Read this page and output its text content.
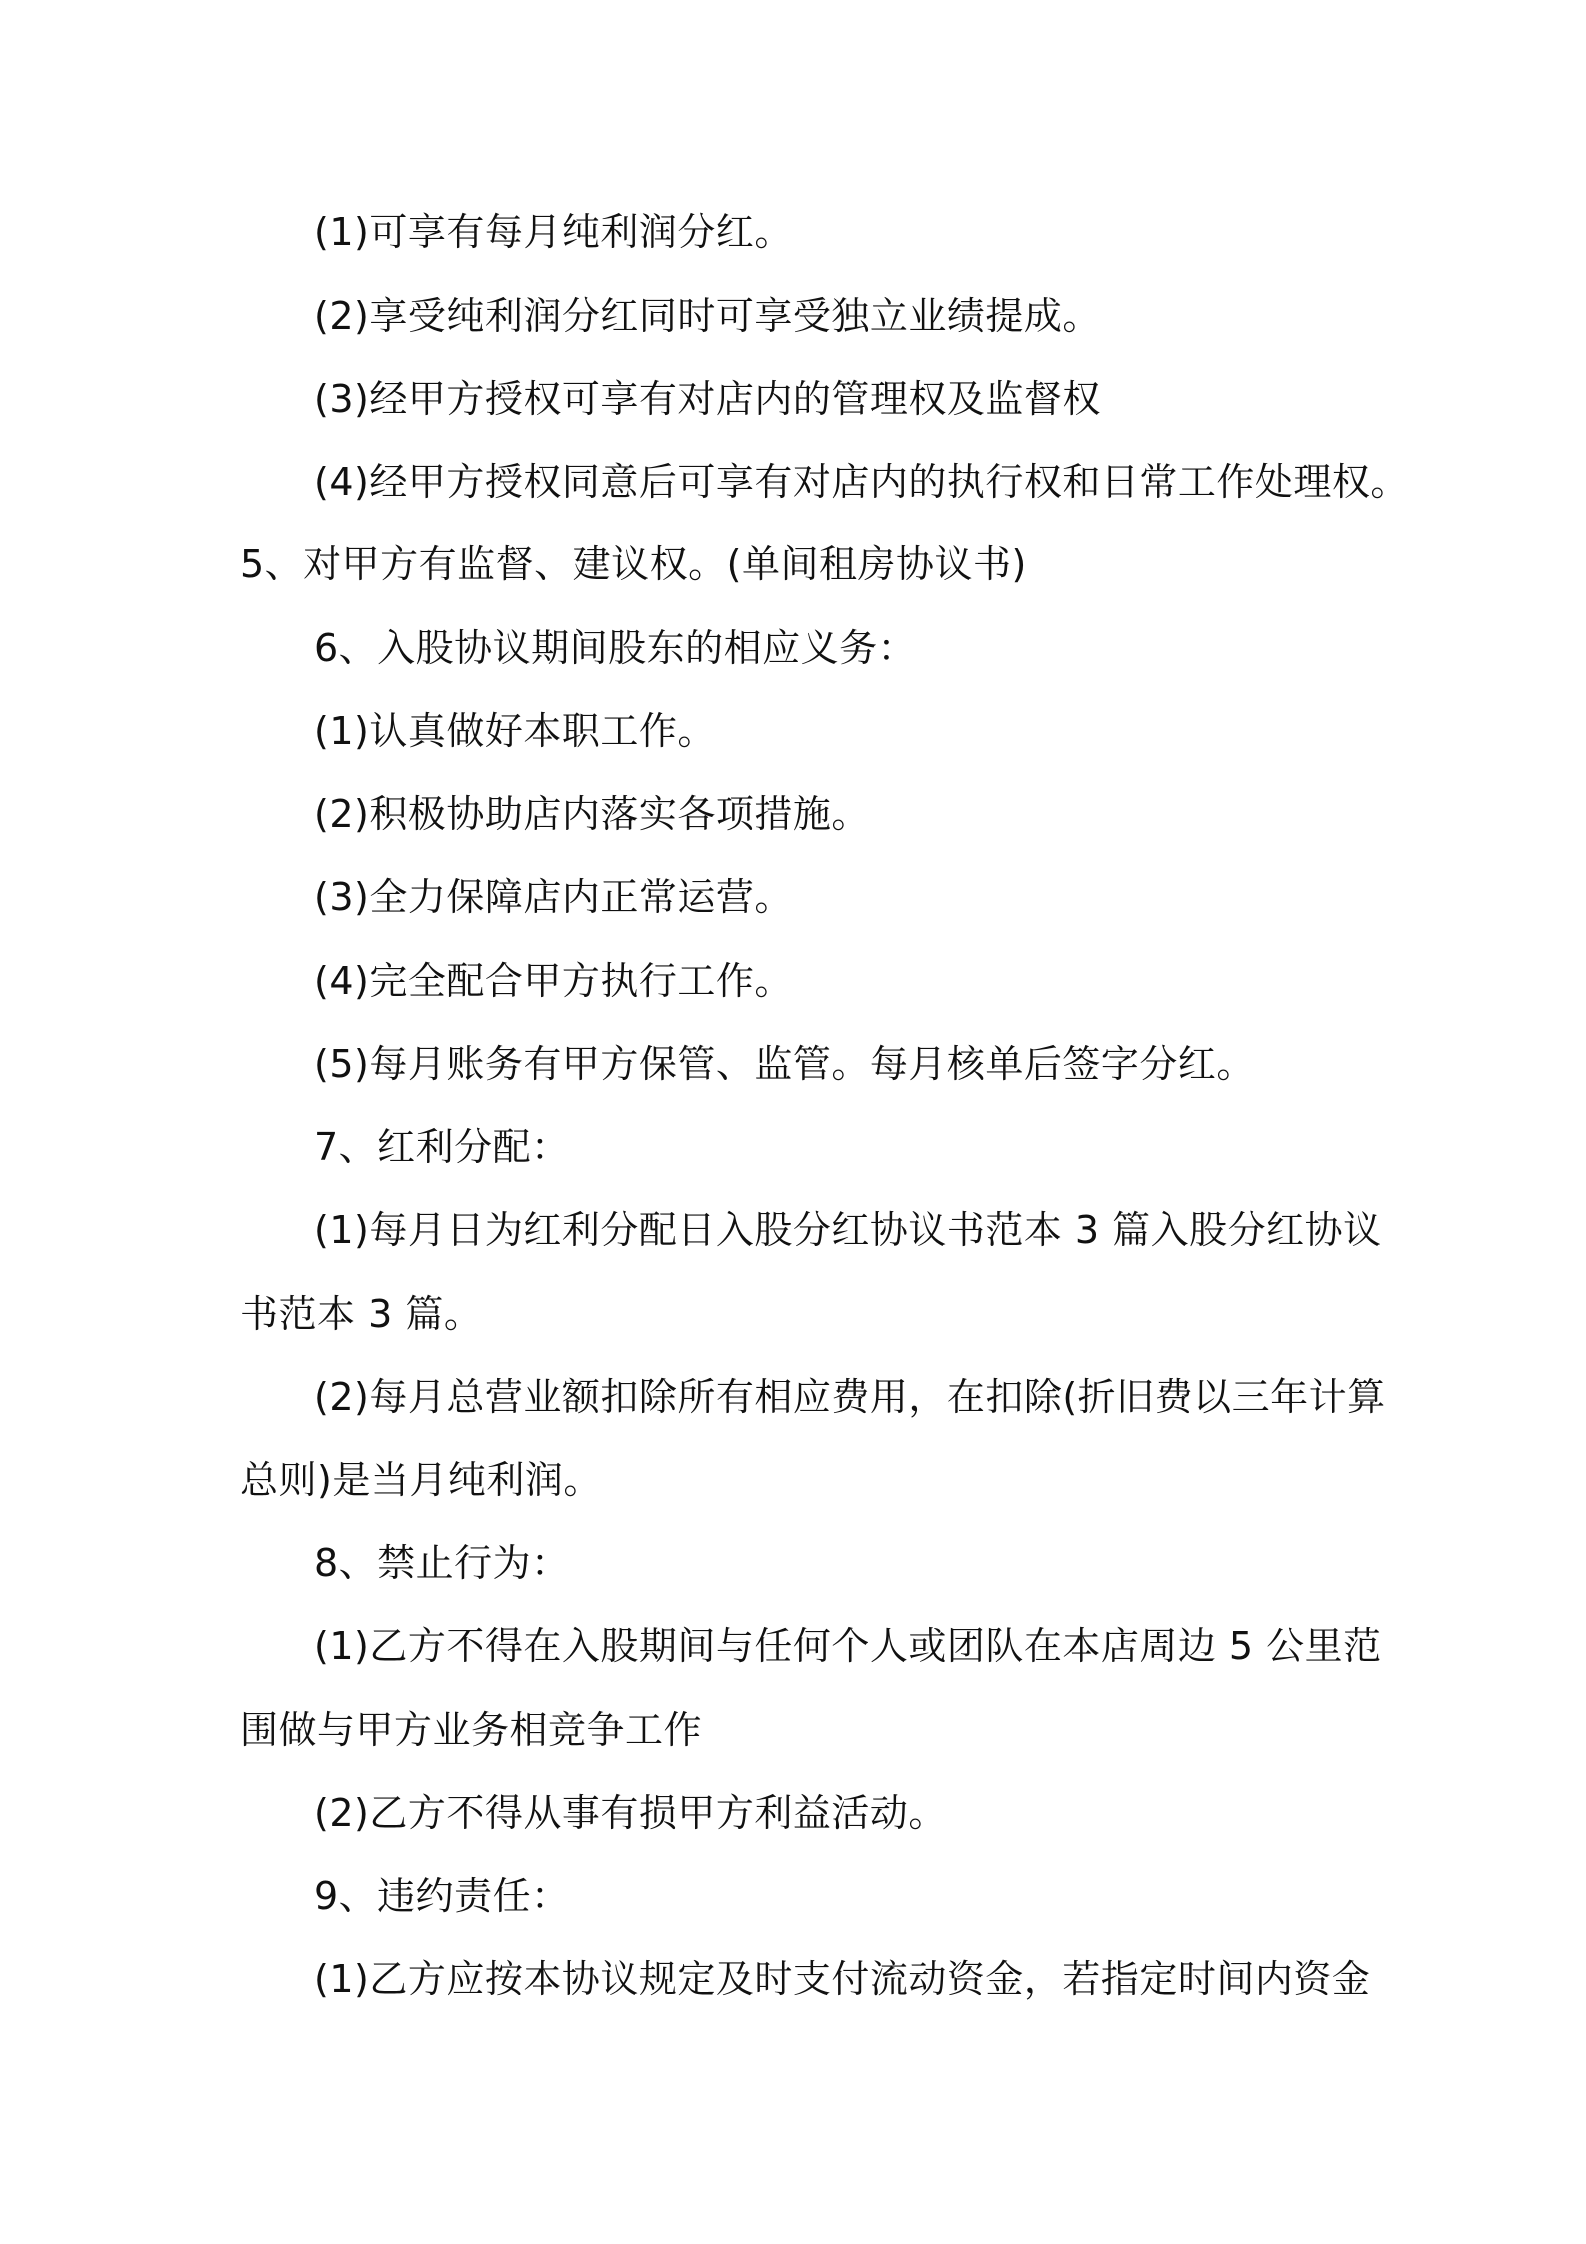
(1)可享有每月纯利润分红。
(2)享受纯利润分红同时可享受独立业绩提成。
(3)经甲方授权可享有对店内的管理权及监督权
(4)经甲方授权同意后可享有对店内的执行权和日常工作处理权。
5、对甲方有监督、建议权。(单间租房协议书)
6、入股协议期间股东的相应义务：
(1)认真做好本职工作。
(2)积极协助店内落实各项措施。
(3)全力保障店内正常运营。
(4)完全配合甲方执行工作。
(5)每月账务有甲方保管、监管。每月核单后签字分红。
7、红利分配：
(1)每月日为红利分配日入股分红协议书范本 3 篇入股分红协议
书范本 3 篇。
(2)每月总营业额扣除所有相应费用，在扣除(折旧费以三年计算
总则)是当月纯利润。
8、禁止行为：
(1)乙方不得在入股期间与任何个人或团队在本店周边 5 公里范
围做与甲方业务相竞争工作
(2)乙方不得从事有损甲方利益活动。
9、违约责任：
(1)乙方应按本协议规定及时支付流动资金，若指定时间内资金
